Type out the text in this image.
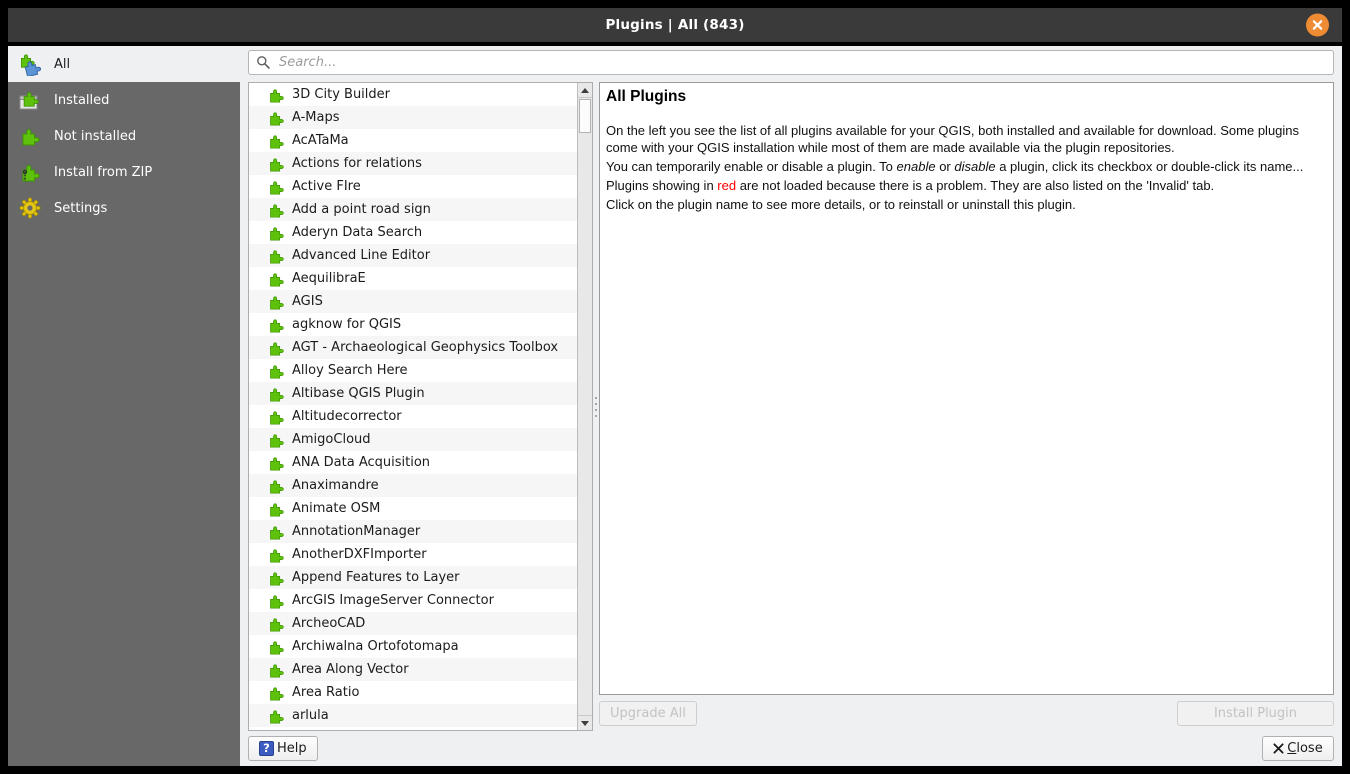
Plugins | All (843)
All
Installed
Not installed
Install from ZIP
Settings
Search...
3D City Builder
A-Maps
AcATaMa
Actions for relations
Active FIre
Add a point road sign
Aderyn Data Search
Advanced Line Editor
AequilibraE
AGIS
agknow for QGIS
AGT - Archaeological Geophysics Toolbox
Alloy Search Here
Altibase QGIS Plugin
Altitudecorrector
AmigoCloud
ANA Data Acquisition
Anaximandre
Animate OSM
AnnotationManager
AnotherDXFImporter
Append Features to Layer
ArcGIS ImageServer Connector
ArcheoCAD
Archiwalna Ortofotomapa
Area Along Vector
Area Ratio
arlula
All Plugins

On the left you see the list of all plugins available for your QGIS, both installed and available for download. Some plugins come with your QGIS installation while most of them are made available via the plugin repositories.

You can temporarily enable or disable a plugin. To enable or disable a plugin, click its checkbox or double-click its name...

Plugins showing in red are not loaded because there is a problem. They are also listed on the 'Invalid' tab.

Click on the plugin name to see more details, or to reinstall or uninstall this plugin.

Upgrade All	Install Plugin
? Help	Close
